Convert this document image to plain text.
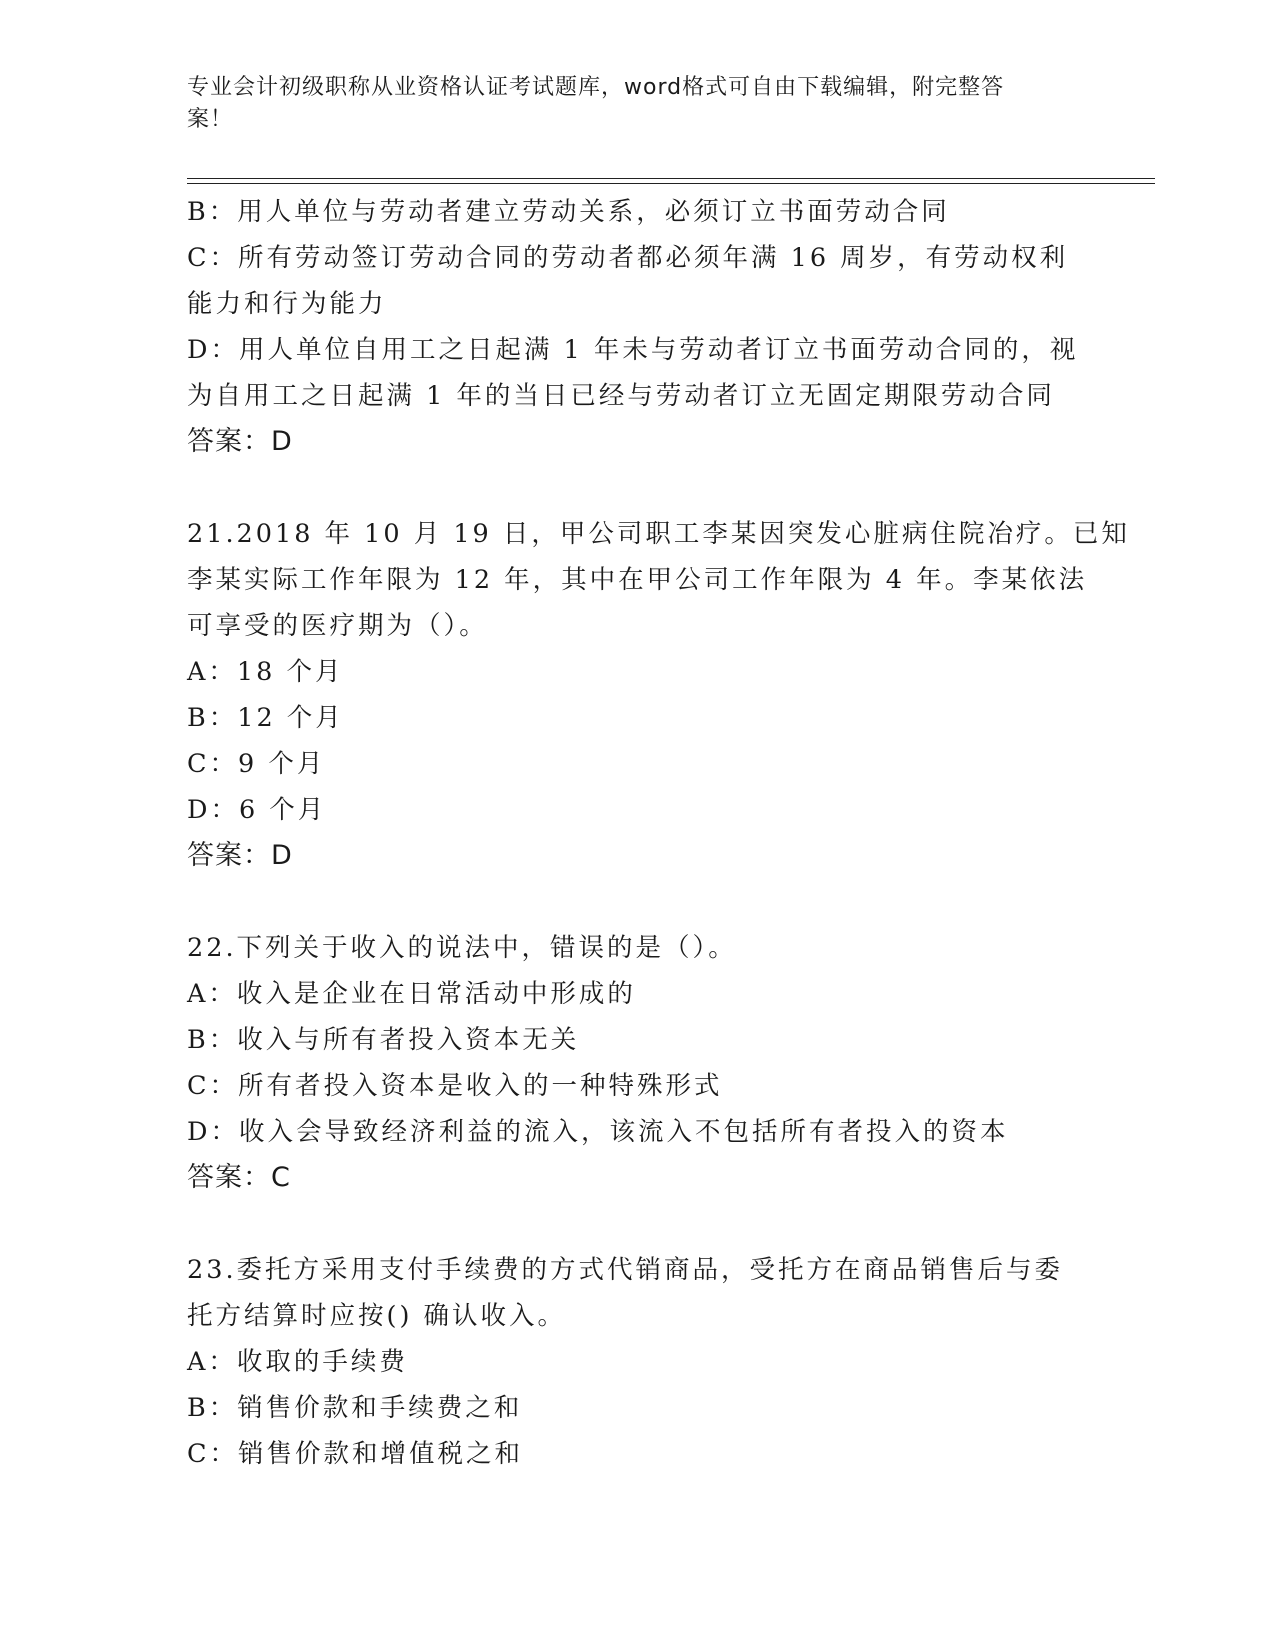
专业会计初级职称从业资格认证考试题库，word格式可自由下载编辑，附完整答
案！
B：用人单位与劳动者建立劳动关系，必须订立书面劳动合同
C：所有劳动签订劳动合同的劳动者都必须年满 16 周岁，有劳动权利
能力和行为能力
D：用人单位自用工之日起满 1 年未与劳动者订立书面劳动合同的，视
为自用工之日起满 1 年的当日已经与劳动者订立无固定期限劳动合同
答案：D
21.2018 年 10 月 19 日，甲公司职工李某因突发心脏病住院冶疗。已知
李某实际工作年限为 12 年，其中在甲公司工作年限为 4 年。李某依法
可享受的医疗期为（）。
A：18 个月
B：12 个月
C：9 个月
D：6 个月
答案：D
22.下列关于收入的说法中，错误的是（）。
A：收入是企业在日常活动中形成的
B：收入与所有者投入资本无关
C：所有者投入资本是收入的一种特殊形式
D：收入会导致经济利益的流入，该流入不包括所有者投入的资本
答案：C
23.委托方采用支付手续费的方式代销商品，受托方在商品销售后与委
托方结算时应按() 确认收入。
A：收取的手续费
B：销售价款和手续费之和
C：销售价款和增值税之和
